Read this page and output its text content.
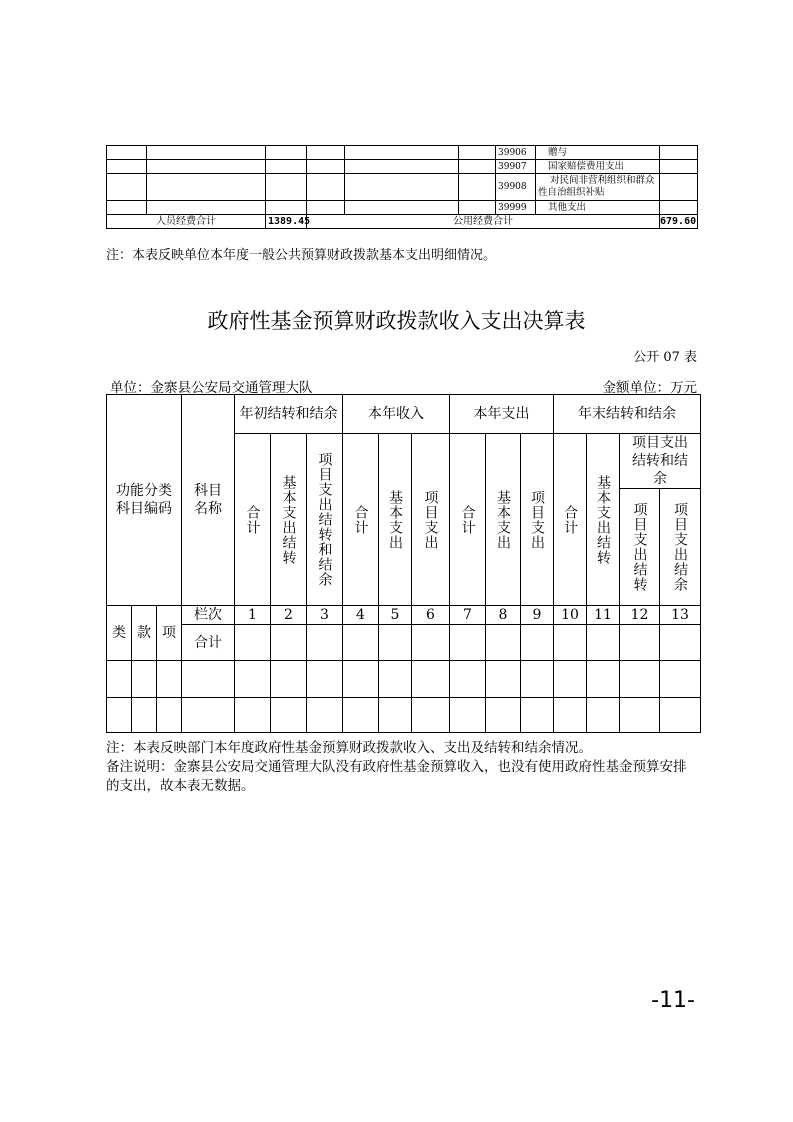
						39906	赠与	
						39907	国家赔偿费用支出	
						39908	对民间非营利组织和群众性自治组织补贴	
						39999	其他支出	
人员经费合计		1389.45	公用经费合计					679.60
注：本表反映单位本年度一般公共预算财政拨款基本支出明细情况。
政府性基金预算财政拨款收入支出决算表
公开 07 表
单位：金寨县公安局交通管理大队	金额单位：万元
功能分类科目编码			科目名称	年初结转和结余			本年收入			本年支出			年末结转和结余			

				合计	基本支出结转	项目支出结转和结余	合计	基本支出	项目支出	合计	基本支出	项目支出	合计	基本支出结转	项目支出结转和结余	

															项目支出结转	项目支出结余

类	款	项	栏次	1	2	3	4	5	6	7	8	9	10	11	12	13
			合计													

注：本表反映部门本年度政府性基金预算财政拨款收入、支出及结转和结余情况。
备注说明：金寨县公安局交通管理大队没有政府性基金预算收入，也没有使用政府性基金预算安排的支出，故本表无数据。
-11-
